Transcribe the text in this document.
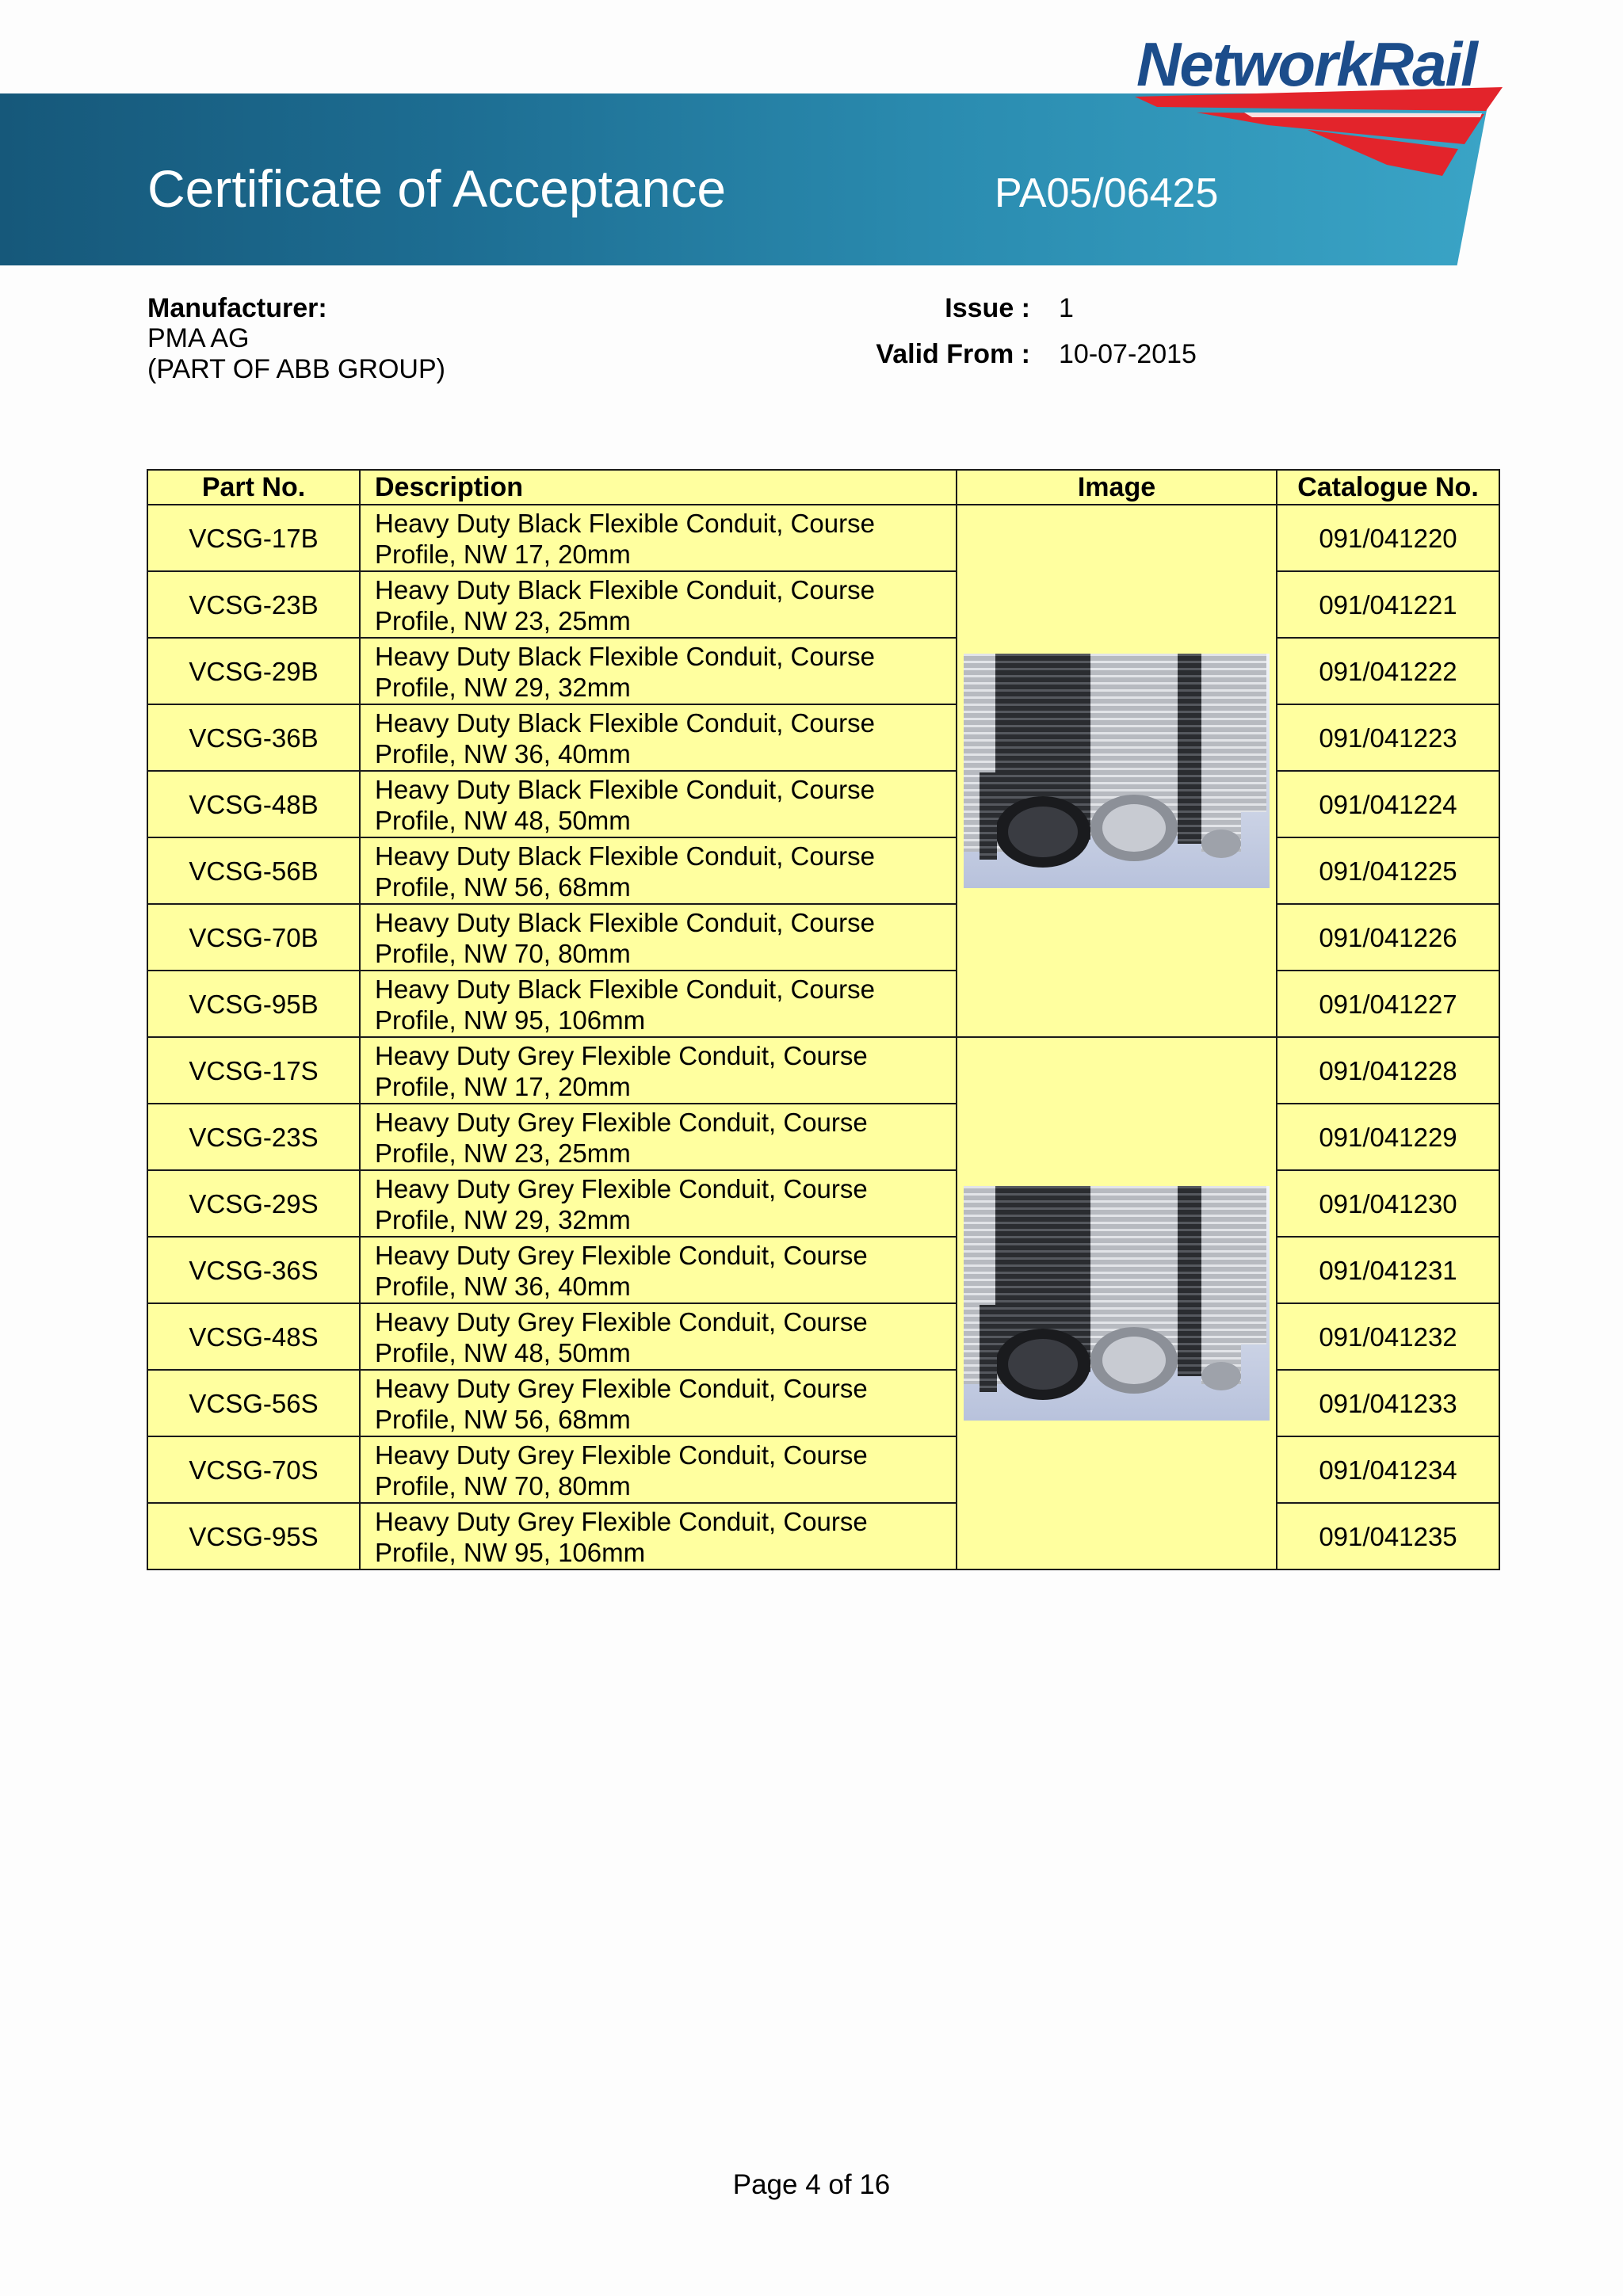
Certificate of Acceptance	PA05/06425
NetworkRail
Manufacturer:
PMA AG
(PART OF ABB GROUP)
Issue : 1
Valid From : 10-07-2015
Part No.	Description	Image	Catalogue No.
VCSG-17B	Heavy Duty Black Flexible Conduit, Course Profile, NW 17, 20mm		091/041220
VCSG-23B	Heavy Duty Black Flexible Conduit, Course Profile, NW 23, 25mm		091/041221
VCSG-29B	Heavy Duty Black Flexible Conduit, Course Profile, NW 29, 32mm		091/041222
VCSG-36B	Heavy Duty Black Flexible Conduit, Course Profile, NW 36, 40mm		091/041223
VCSG-48B	Heavy Duty Black Flexible Conduit, Course Profile, NW 48, 50mm		091/041224
VCSG-56B	Heavy Duty Black Flexible Conduit, Course Profile, NW 56, 68mm		091/041225
VCSG-70B	Heavy Duty Black Flexible Conduit, Course Profile, NW 70, 80mm		091/041226
VCSG-95B	Heavy Duty Black Flexible Conduit, Course Profile, NW 95, 106mm		091/041227
VCSG-17S	Heavy Duty Grey Flexible Conduit, Course Profile, NW 17, 20mm		091/041228
VCSG-23S	Heavy Duty Grey Flexible Conduit, Course Profile, NW 23, 25mm		091/041229
VCSG-29S	Heavy Duty Grey Flexible Conduit, Course Profile, NW 29, 32mm		091/041230
VCSG-36S	Heavy Duty Grey Flexible Conduit, Course Profile, NW 36, 40mm		091/041231
VCSG-48S	Heavy Duty Grey Flexible Conduit, Course Profile, NW 48, 50mm		091/041232
VCSG-56S	Heavy Duty Grey Flexible Conduit, Course Profile, NW 56, 68mm		091/041233
VCSG-70S	Heavy Duty Grey Flexible Conduit, Course Profile, NW 70, 80mm		091/041234
VCSG-95S	Heavy Duty Grey Flexible Conduit, Course Profile, NW 95, 106mm		091/041235
Page 4 of 16
